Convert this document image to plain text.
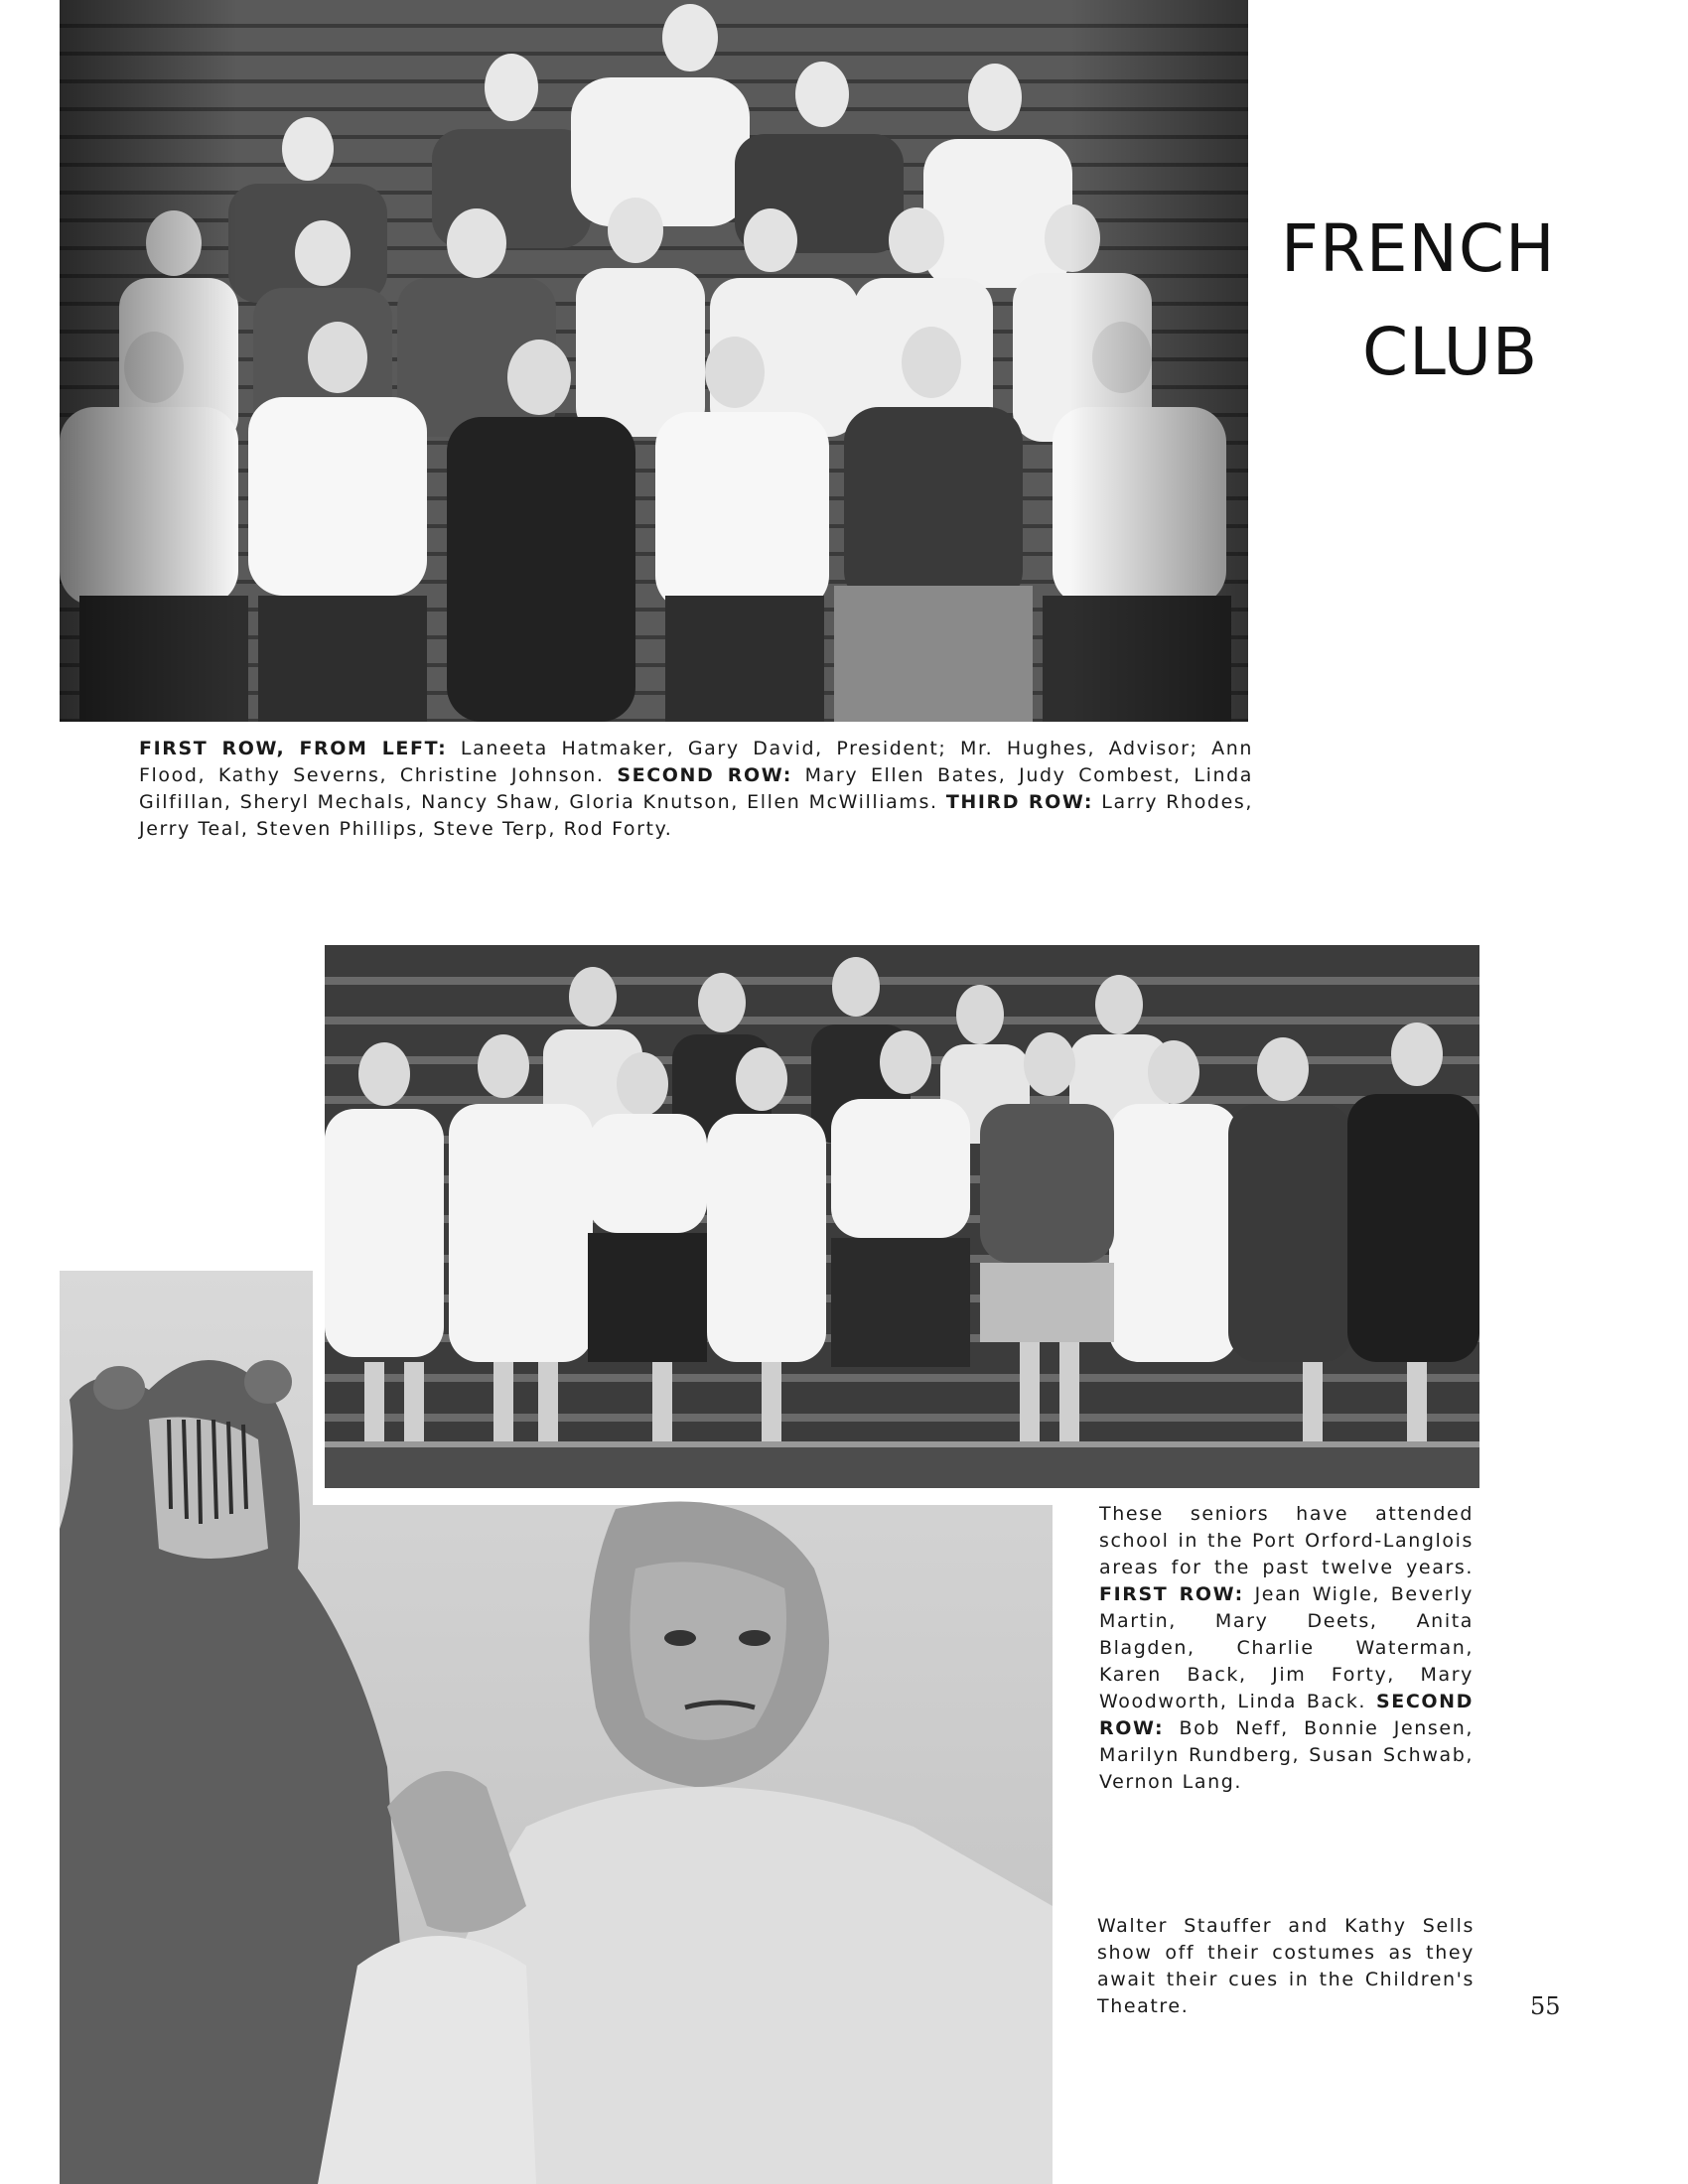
FRENCH
CLUB
FIRST ROW, FROM LEFT: Laneeta Hatmaker, Gary David, President; Mr. Hughes, Advisor; Ann Flood, Kathy Severns, Christine Johnson. SECOND ROW: Mary Ellen Bates, Judy Combest, Linda Gilfillan, Sheryl Mechals, Nancy Shaw, Gloria Knutson, Ellen McWilliams. THIRD ROW: Larry Rhodes, Jerry Teal, Steven Phillips, Steve Terp, Rod Forty.
These seniors have attended school in the Port Orford-Langlois areas for the past twelve years. FIRST ROW: Jean Wigle, Beverly Martin, Mary Deets, Anita Blagden, Charlie Waterman, Karen Back, Jim Forty, Mary Woodworth, Linda Back. SECOND ROW: Bob Neff, Bonnie Jensen, Marilyn Rundberg, Susan Schwab, Vernon Lang.
Walter Stauffer and Kathy Sells show off their costumes as they await their cues in the Children's Theatre.	55
